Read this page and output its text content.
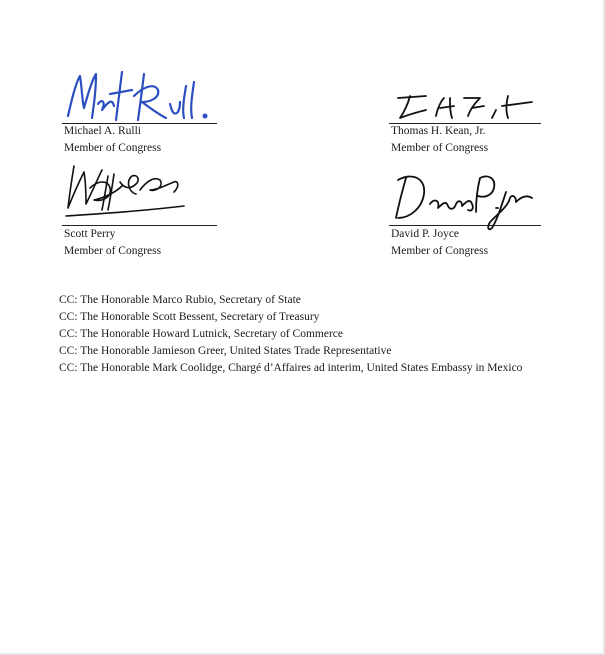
Michael A. Rulli
Member of Congress
Thomas H. Kean, Jr.
Member of Congress
Scott Perry
Member of Congress
David P. Joyce
Member of Congress

CC: The Honorable Marco Rubio, Secretary of State

CC: The Honorable Scott Bessent, Secretary of Treasury

CC: The Honorable Howard Lutnick, Secretary of Commerce

CC: The Honorable Jamieson Greer, United States Trade Representative

CC: The Honorable Mark Coolidge, Chargé d’Affaires ad interim, United States Embassy in Mexico
